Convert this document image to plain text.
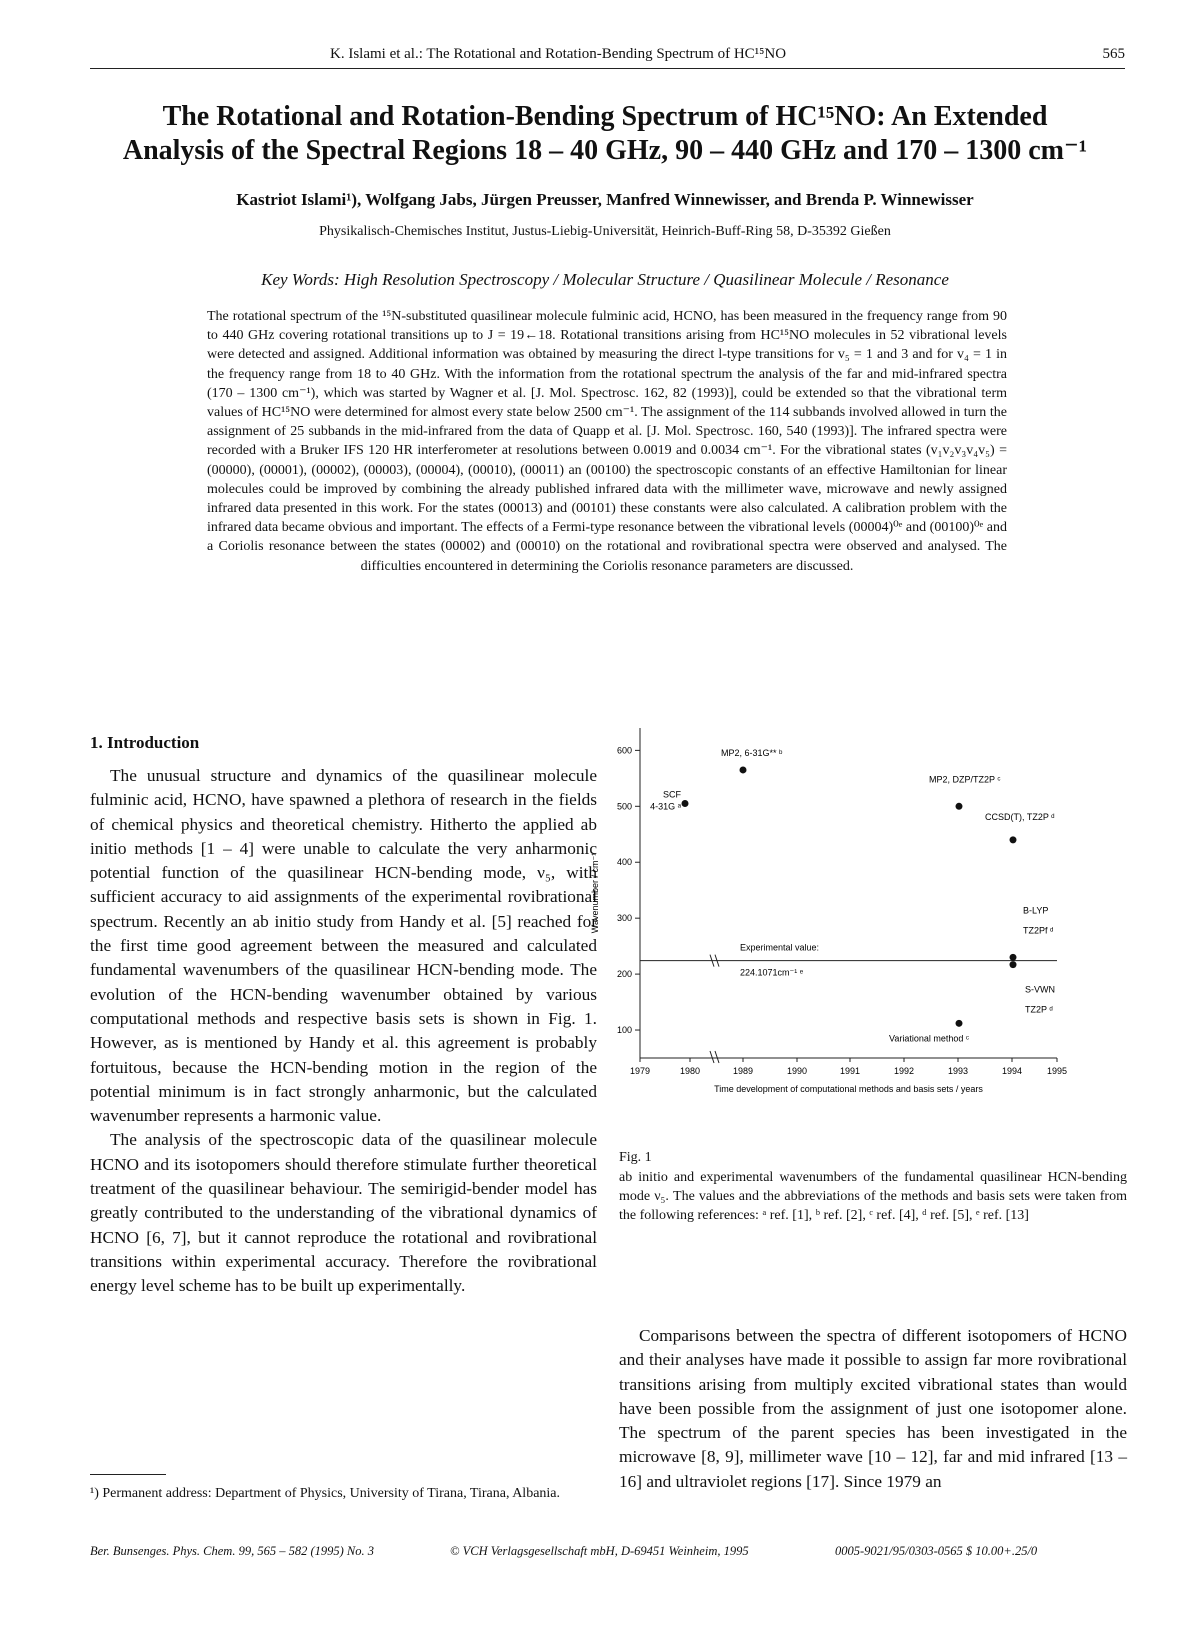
K. Islami et al.: The Rotational and Rotation-Bending Spectrum of HC¹⁵NO	565
The Rotational and Rotation-Bending Spectrum of HC¹⁵NO: An Extended
Analysis of the Spectral Regions 18 – 40 GHz, 90 – 440 GHz and 170 – 1300 cm⁻¹
Kastriot Islami¹), Wolfgang Jabs, Jürgen Preusser, Manfred Winnewisser, and Brenda P. Winnewisser
Physikalisch-Chemisches Institut, Justus-Liebig-Universität, Heinrich-Buff-Ring 58, D-35392 Gießen
Key Words: High Resolution Spectroscopy / Molecular Structure / Quasilinear Molecule / Resonance
The rotational spectrum of the ¹⁵N-substituted quasilinear molecule fulminic acid, HCNO, has been measured in the frequency range from 90 to 440 GHz covering rotational transitions up to J = 19←18. Rotational transitions arising from HC¹⁵NO molecules in 52 vibrational levels were detected and assigned. Additional information was obtained by measuring the direct l-type transitions for v₅ = 1 and 3 and for v₄ = 1 in the frequency range from 18 to 40 GHz. With the information from the rotational spectrum the analysis of the far and mid-infrared spectra (170 – 1300 cm⁻¹), which was started by Wagner et al. [J. Mol. Spectrosc. 162, 82 (1993)], could be extended so that the vibrational term values of HC¹⁵NO were determined for almost every state below 2500 cm⁻¹. The assignment of the 114 subbands involved allowed in turn the assignment of 25 subbands in the mid-infrared from the data of Quapp et al. [J. Mol. Spectrosc. 160, 540 (1993)]. The infrared spectra were recorded with a Bruker IFS 120 HR interferometer at resolutions between 0.0019 and 0.0034 cm⁻¹. For the vibrational states (v₁v₂v₃v₄v₅) = (00000), (00001), (00002), (00003), (00004), (00010), (00011) an (00100) the spectroscopic constants of an effective Hamiltonian for linear molecules could be improved by combining the already published infrared data with the millimeter wave, microwave and newly assigned infrared data presented in this work. For the states (00013) and (00101) these constants were also calculated. A calibration problem with the infrared data became obvious and important. The effects of a Fermi-type resonance between the vibrational levels (00004)⁰ᵉ and (00100)⁰ᵉ and a Coriolis resonance between the states (00002) and (00010) on the rotational and rovibrational spectra were observed and analysed. The difficulties encountered in determining the Coriolis resonance parameters are discussed.
1. Introduction

The unusual structure and dynamics of the quasilinear molecule fulminic acid, HCNO, have spawned a plethora of research in the fields of chemical physics and theoretical chemistry. Hitherto the applied ab initio methods [1 – 4] were unable to calculate the very anharmonic potential function of the quasilinear HCN-bending mode, ν₅, with sufficient accuracy to aid assignments of the experimental rovibrational spectrum. Recently an ab initio study from Handy et al. [5] reached for the first time good agreement between the measured and calculated fundamental wavenumbers of the quasilinear HCN-bending mode. The evolution of the HCN-bending wavenumber obtained by various computational methods and respective basis sets is shown in Fig. 1. However, as is mentioned by Handy et al. this agreement is probably fortuitous, because the HCN-bending motion in the region of the potential minimum is in fact strongly anharmonic, but the calculated wavenumber represents a harmonic value.

The analysis of the spectroscopic data of the quasilinear molecule HCNO and its isotopomers should therefore stimulate further theoretical treatment of the quasilinear behaviour. The semirigid-bender model has greatly contributed to the understanding of the vibrational dynamics of HCNO [6, 7], but it cannot reproduce the rotational and rovibrational transitions within experimental accuracy. Therefore the rovibrational energy level scheme has to be built up experimentally.

¹) Permanent address: Department of Physics, University of Tirana, Tirana, Albania.
100
200
300
400
500
600
1979	1980	1989	1990	1991	1992	1993	1994	1995
Experimental value:
224.1071cm⁻¹ ᵉ
Wavenumber / cm⁻¹
Time development of computational methods and basis sets / years
SCF
4-31G ᵃ
MP2, 6-31G** ᵇ
MP2, DZP/TZ2P ᶜ
CCSD(T), TZ2P ᵈ
B-LYP
TZ2Pf ᵈ
S-VWN
TZ2P ᵈ
Variational method ᶜ
Fig. 1
ab initio and experimental wavenumbers of the fundamental quasilinear HCN-bending mode ν₅. The values and the abbreviations of the methods and basis sets were taken from the following references: ᵃ ref. [1], ᵇ ref. [2], ᶜ ref. [4], ᵈ ref. [5], ᵉ ref. [13]

Comparisons between the spectra of different isotopomers of HCNO and their analyses have made it possible to assign far more rovibrational transitions arising from multiply excited vibrational states than would have been possible from the assignment of just one isotopomer alone. The spectrum of the parent species has been investigated in the microwave [8, 9], millimeter wave [10 – 12], far and mid infrared [13 – 16] and ultraviolet regions [17]. Since 1979 an

Ber. Bunsenges. Phys. Chem. 99, 565 – 582 (1995) No. 3	© VCH Verlagsgesellschaft mbH, D-69451 Weinheim, 1995	0005-9021/95/0303-0565 $ 10.00+.25/0
